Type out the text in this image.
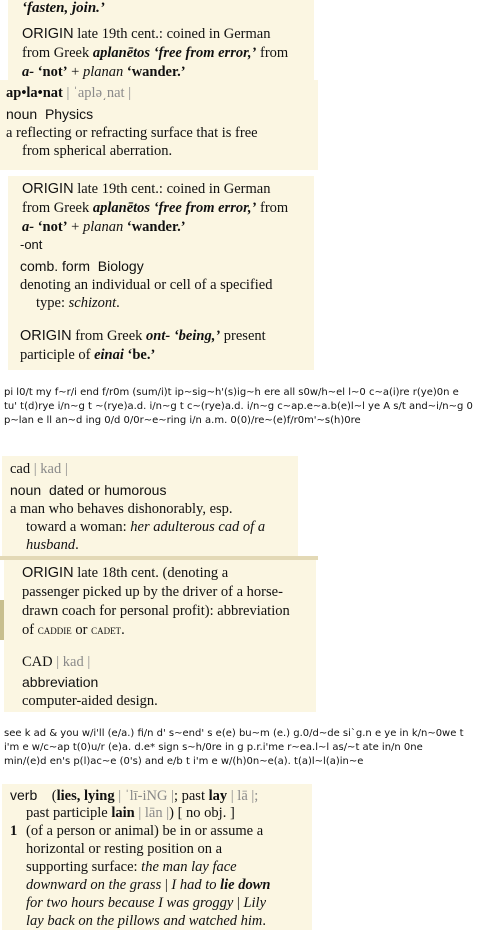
‘fasten, join.’
ORIGIN late 19th cent.: coined in German
from Greek aplanētos ‘free from error,’ from
a- ‘not’ + planan ‘wander.’
ap•la•nat | ˈaplə͵nat |
noun Physics
a reflecting or refracting surface that is free
from spherical aberration.
ORIGIN late 19th cent.: coined in German
from Greek aplanētos ‘free from error,’ from
a- ‘not’ + planan ‘wander.’
-ont
comb. form Biology
denoting an individual or cell of a specified
type: schizont.
ORIGIN from Greek ont- ‘being,’ present
participle of einai ‘be.’
pi l0/t my f~r/i end f/r0m (sum/i)t ip~sig~h'(s)ig~h ere all s0w/h~el l~0 c~a(i)re r(ye)0n e
tu' t(d)rye i/n~g t ~(rye)a.d. i/n~g t c~(rye)a.d. i/n~g c~ap.e~a.b(e)l~l ye A s/t and~i/n~g 0
p~lan e ll an~d ing 0/d 0/0r~e~ring i/n a.m. 0(0)/re~(e)f/r0m'~s(h)0re
cad | kad |
noun dated or humorous
a man who behaves dishonorably, esp.
toward a woman: her adulterous cad of a
husband.
ORIGIN late 18th cent. (denoting a
passenger picked up by the driver of a horse-
drawn coach for personal profit): abbreviation
of caddie or cadet.
CAD | kad |
abbreviation
computer-aided design.
see k ad & you w/i'll (e/a.) fi/n d' s~end' s e(e) bu~m (e.) g.0/d~de si`g.n e ye in k/n~0we t
i'm e w/c~ap t(0)u/r (e)a. d.e* sign s~h/0re in g p.r.i'me r~ea.l~l as/~t ate in/n 0ne
min/(e)d en's p(l)ac~e (0's) and e/b t i'm e w/(h)0n~e(a). t(a)l~l(a)in~e
verb (lies, lying | ˈlī-iNG |; past lay | lā |;
past participle lain | lān |) [ no obj. ]
1 (of a person or animal) be in or assume a
horizontal or resting position on a
supporting surface: the man lay face
downward on the grass | I had to lie down
for two hours because I was groggy | Lily
lay back on the pillows and watched him.
